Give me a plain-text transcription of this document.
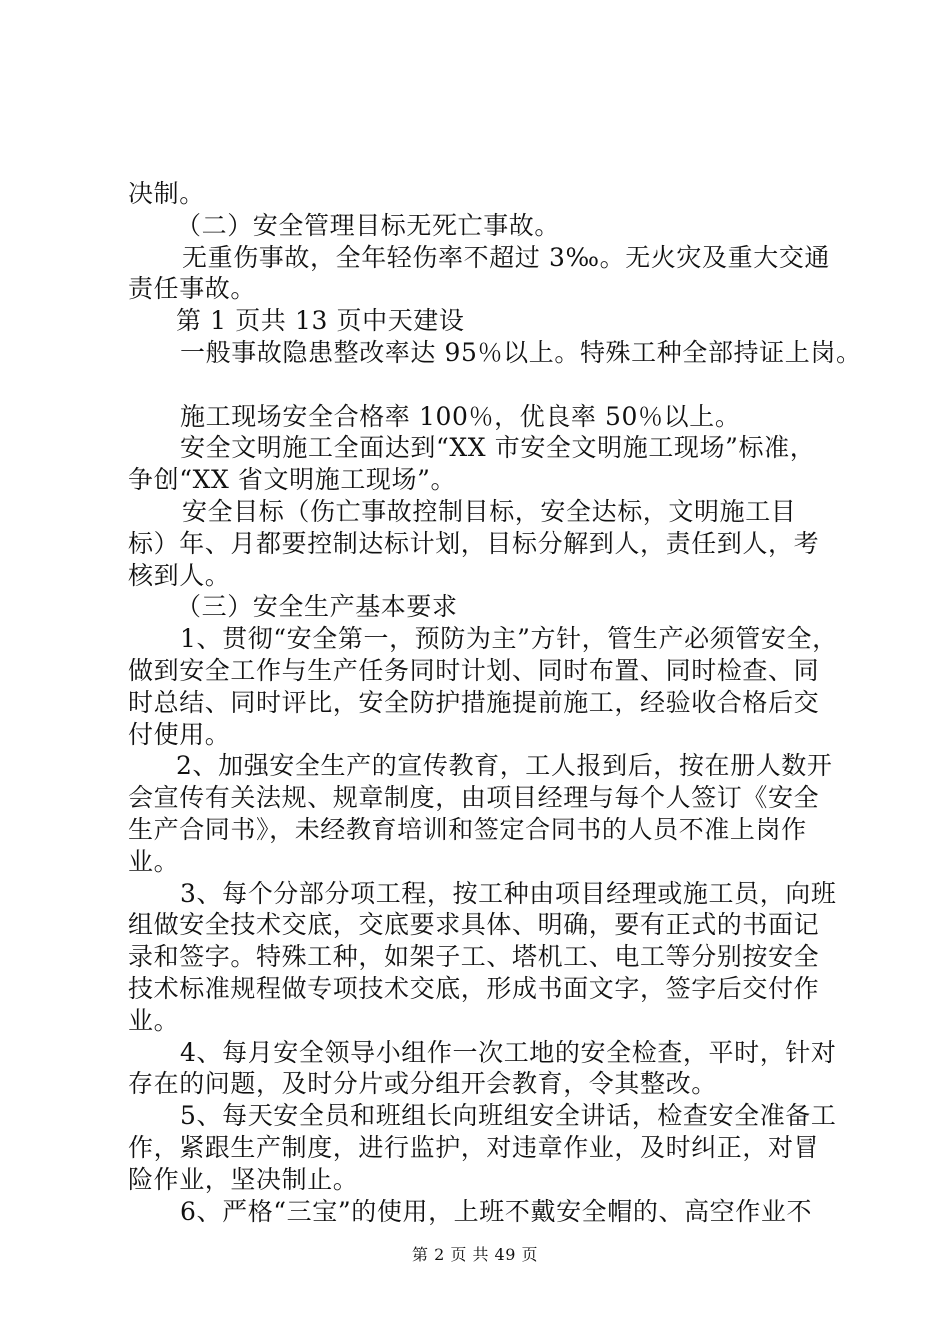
决制。
（二）安全管理目标无死亡事故。
无重伤事故，全年轻伤率不超过 3‰。无火灾及重大交通
责任事故。
第 1 页共 13 页中天建设
一般事故隐患整改率达 95％以上。特殊工种全部持证上岗。
施工现场安全合格率 100％，优良率 50％以上。
安全文明施工全面达到“XX 市安全文明施工现场”标准，
争创“XX 省文明施工现场”。
安全目标（伤亡事故控制目标，安全达标，文明施工目
标）年、月都要控制达标计划，目标分解到人，责任到人，考
核到人。
（三）安全生产基本要求
1、贯彻“安全第一，预防为主”方针，管生产必须管安全，
做到安全工作与生产任务同时计划、同时布置、同时检查、同
时总结、同时评比，安全防护措施提前施工，经验收合格后交
付使用。
2、加强安全生产的宣传教育，工人报到后，按在册人数开
会宣传有关法规、规章制度，由项目经理与每个人签订《安全
生产合同书》，未经教育培训和签定合同书的人员不准上岗作
业。
3、每个分部分项工程，按工种由项目经理或施工员，向班
组做安全技术交底，交底要求具体、明确，要有正式的书面记
录和签字。特殊工种，如架子工、塔机工、电工等分别按安全
技术标准规程做专项技术交底，形成书面文字，签字后交付作
业。
4、每月安全领导小组作一次工地的安全检查，平时，针对
存在的问题，及时分片或分组开会教育，令其整改。
5、每天安全员和班组长向班组安全讲话，检查安全准备工
作，紧跟生产制度，进行监护，对违章作业，及时纠正，对冒
险作业，坚决制止。
6、严格“三宝”的使用，上班不戴安全帽的、高空作业不
第 2 页 共 49 页
